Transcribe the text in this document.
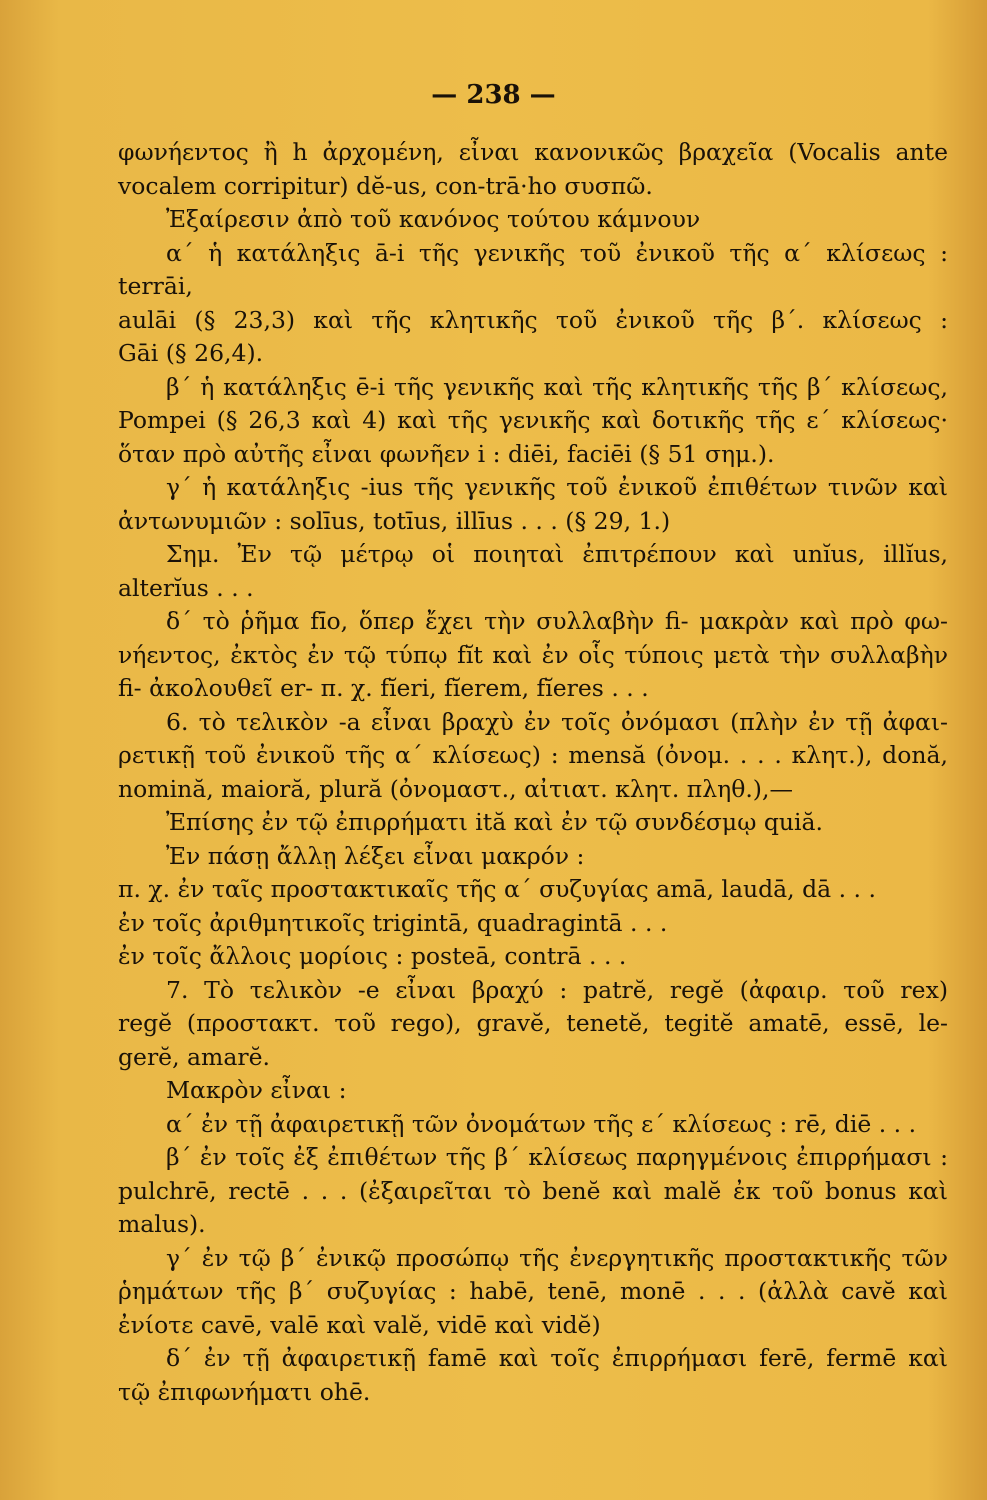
— 238 —

φωνήεντος ἢ h ἀρχομένη, εἶναι κανονικῶς βραχεῖα (Vocalis ante

vocalem corripitur) dĕ-us, con-trā·ho συσπῶ.

Ἐξαίρεσιν ἀπὸ τοῦ κανόνος τούτου κάμνουν

α΄ ἡ κατάληξις ā-i τῆς γενικῆς τοῦ ἐνικοῦ τῆς α΄ κλίσεως : terrāi,

aulāi (§ 23,3) καὶ τῆς κλητικῆς τοῦ ἐνικοῦ τῆς β΄. κλίσεως :

Gāi (§ 26,4).

β΄ ἡ κατάληξις ē-i τῆς γενικῆς καὶ τῆς κλητικῆς τῆς β΄ κλίσεως,

Pompei (§ 26,3 καὶ 4) καὶ τῆς γενικῆς καὶ δοτικῆς τῆς ε΄ κλίσεως·

ὅταν πρὸ αὐτῆς εἶναι φωνῆεν i : diēi, faciēi (§ 51 σημ.).

γ΄ ἡ κατάληξις -ius τῆς γενικῆς τοῦ ἐνικοῦ ἐπιθέτων τινῶν καὶ

ἀντωνυμιῶν : solīus, totīus, illīus . . . (§ 29, 1.)

Σημ. Ἐν τῷ μέτρῳ οἱ ποιηταὶ ἐπιτρέπουν καὶ unĭus, illĭus,

alterĭus . . .

δ΄ τὸ ῥῆμα fīo, ὅπερ ἔχει τὴν συλλαβὴν fi- μακρὰν καὶ πρὸ φω-

νήεντος, ἐκτὸς ἐν τῷ τύπῳ fĭt καὶ ἐν οἷς τύποις μετὰ τὴν συλλαβὴν

fi- ἀκολουθεῖ er- π. χ. fĭeri, fĭerem, fĭeres . . .

6. τὸ τελικὸν -a εἶναι βραχὺ ἐν τοῖς ὀνόμασι (πλὴν ἐν τῇ ἀφαι-

ρετικῇ τοῦ ἐνικοῦ τῆς α΄ κλίσεως) : mensă (ὀνομ. . . . κλητ.), donă,

nomină, maioră, plură (ὀνομαστ., αἰτιατ. κλητ. πληθ.),—

Ἐπίσης ἐν τῷ ἐπιρρήματι ită καὶ ἐν τῷ συνδέσμῳ quiă.

Ἐν πάσῃ ἄλλῃ λέξει εἶναι μακρόν :

π. χ. ἐν ταῖς προστακτικαῖς τῆς α΄ συζυγίας amā, laudā, dā . . .

ἐν τοῖς ἀριθμητικοῖς trigintā, quadragintā . . .

ἐν τοῖς ἄλλοις μορίοις : posteā, contrā . . .

7. Τὸ τελικὸν -e εἶναι βραχύ : patrĕ, regĕ (ἀφαιρ. τοῦ rex)

regĕ (προστακτ. τοῦ rego), gravĕ, tenetĕ, tegitĕ amatē, essē, le-

gerĕ, amarĕ.

Μακρὸν εἶναι :

α΄ ἐν τῇ ἀφαιρετικῇ τῶν ὀνομάτων τῆς ε΄ κλίσεως : rē, diē . . .

β΄ ἐν τοῖς ἐξ ἐπιθέτων τῆς β΄ κλίσεως παρηγμένοις ἐπιρρήμασι :

pulchrē, rectē . . . (ἐξαιρεῖται τὸ benĕ καὶ malĕ ἐκ τοῦ bonus καὶ

malus).

γ΄ ἐν τῷ β΄ ἐνικῷ προσώπῳ τῆς ἐνεργητικῆς προστακτικῆς τῶν

ῥημάτων τῆς β΄ συζυγίας : habē, tenē, monē . . . (ἀλλὰ cavĕ καὶ

ἐνίοτε cavē, valē καὶ valĕ, vidē καὶ vidĕ)

δ΄ ἐν τῇ ἀφαιρετικῇ famē καὶ τοῖς ἐπιρρήμασι ferē, fermē καὶ

τῷ ἐπιφωνήματι ohē.
